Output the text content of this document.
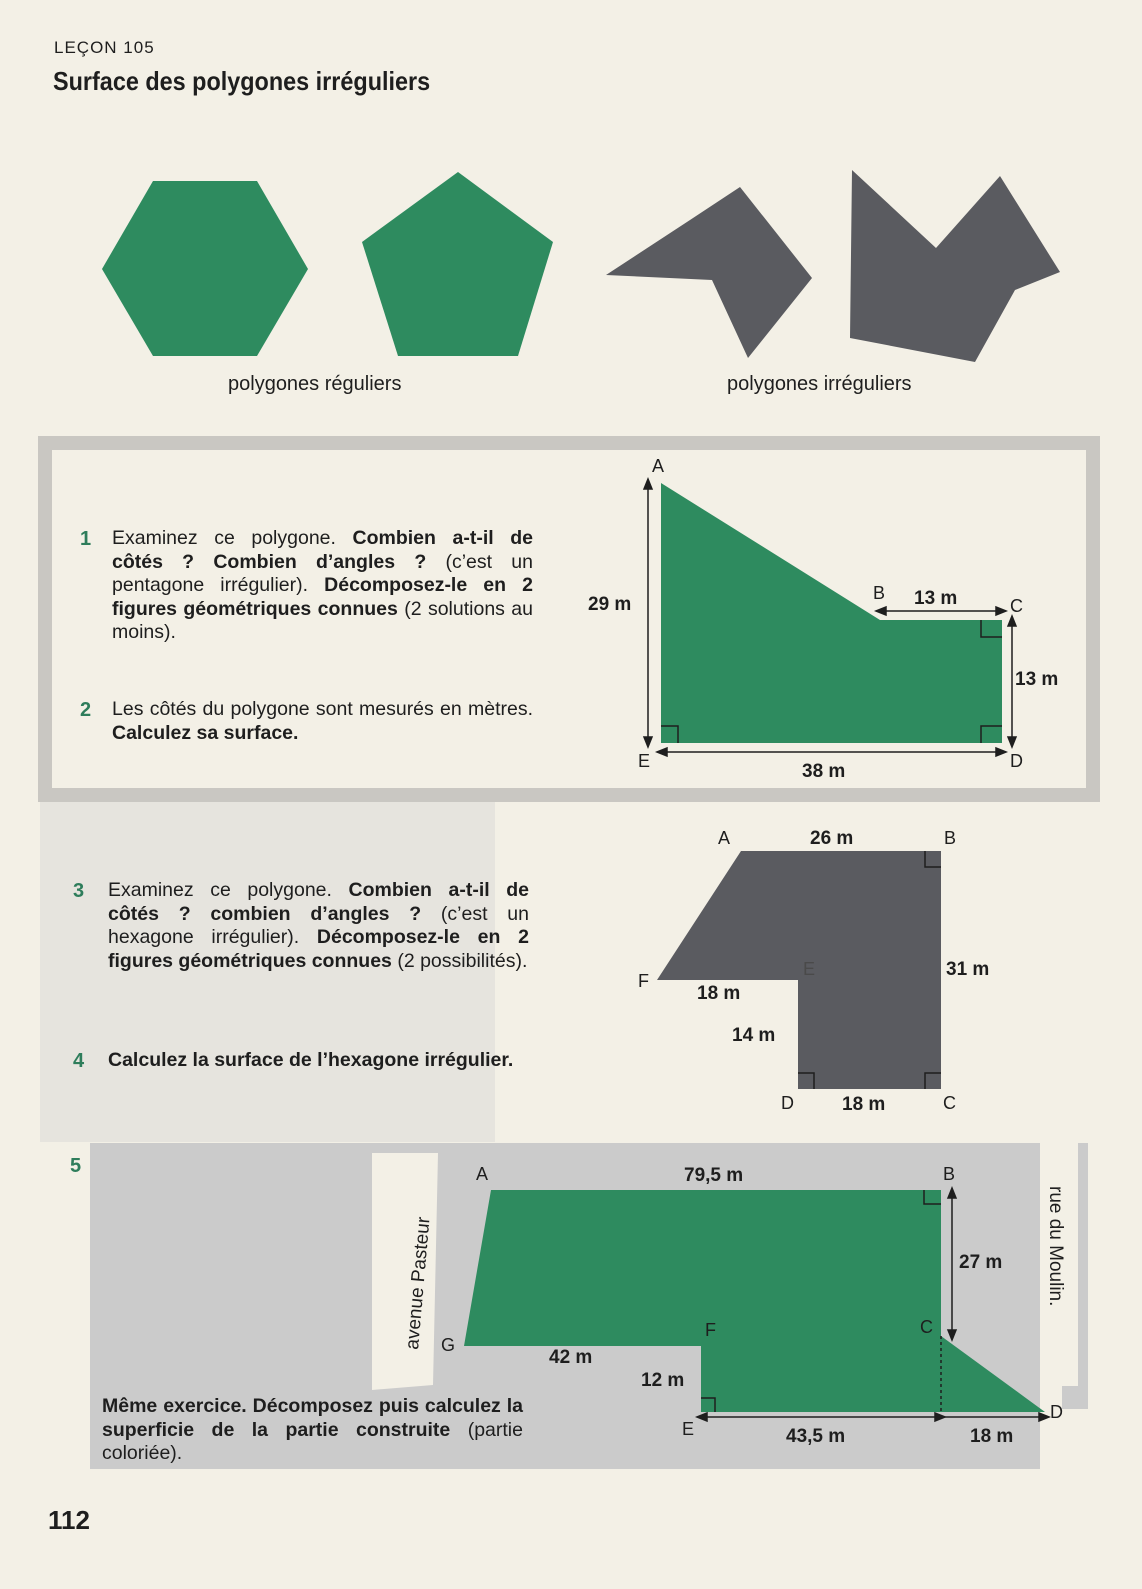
LEÇON 105
Surface des polygones irréguliers
polygones réguliers	polygones irréguliers
1 Examinez ce polygone. Combien a-t-il de côtés ? Combien d’angles ? (c’est un pentagone irrégulier). Décomposez-le en 2 figures géométriques connues (2 solutions au moins).
2 Les côtés du polygone sont mesurés en mètres. Calculez sa surface.
A
B
C
D
E
29 m	13 m
13 m
38 m
3 Examinez ce polygone. Combien a-t-il de côtés ? combien d’angles ? (c’est un hexagone irrégulier). Décomposez-le en 2 figures géométriques connues (2 possibilités).
4 Calculez la surface de l’hexagone irrégulier.
A	B
C
D
E
F
26 m
31 m
18 m
14 m
18 m
5	A	B
C
D
E
F
G
79,5 m
27 m
42 m
12 m
43,5 m	18 m
avenue Pasteur	rue du Moulin.
Même exercice. Décomposez puis calculez la superficie de la partie construite (partie coloriée).
112
